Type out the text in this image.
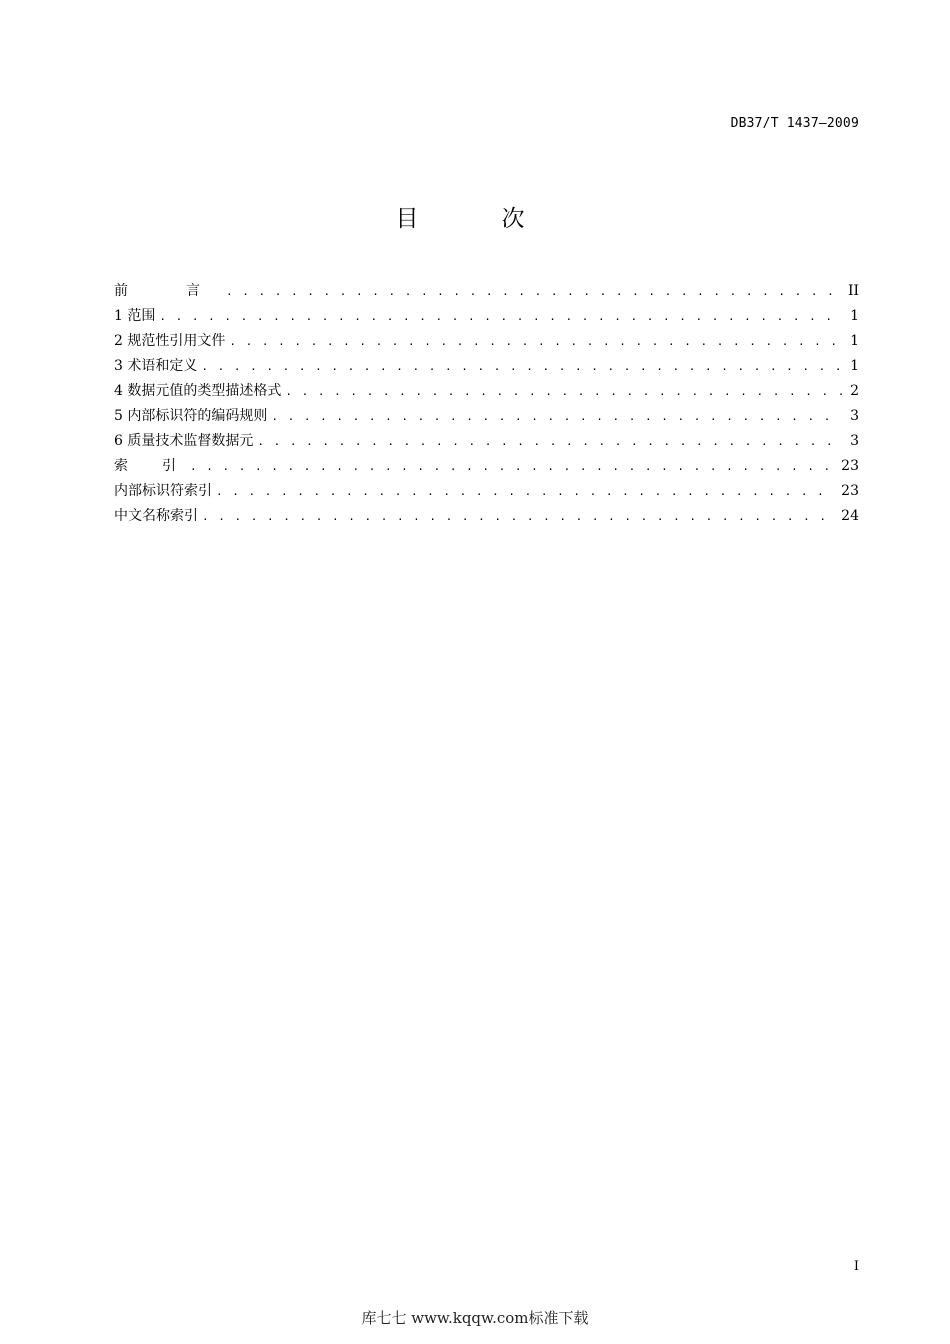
DB37/T 1437—2009
目　次
前　言 . . .	II
1 范围 . . .	1
2 规范性引用文件 . . .	1
3 术语和定义 . . .	1
4 数据元值的类型描述格式 . . .	2
5 内部标识符的编码规则 . . .	3
6 质量技术监督数据元 . . .	3
索　引 . . .	23
内部标识符索引 . . .	23
中文名称索引 . . .	24
I
库七七 www.kqqw.com标准下载
